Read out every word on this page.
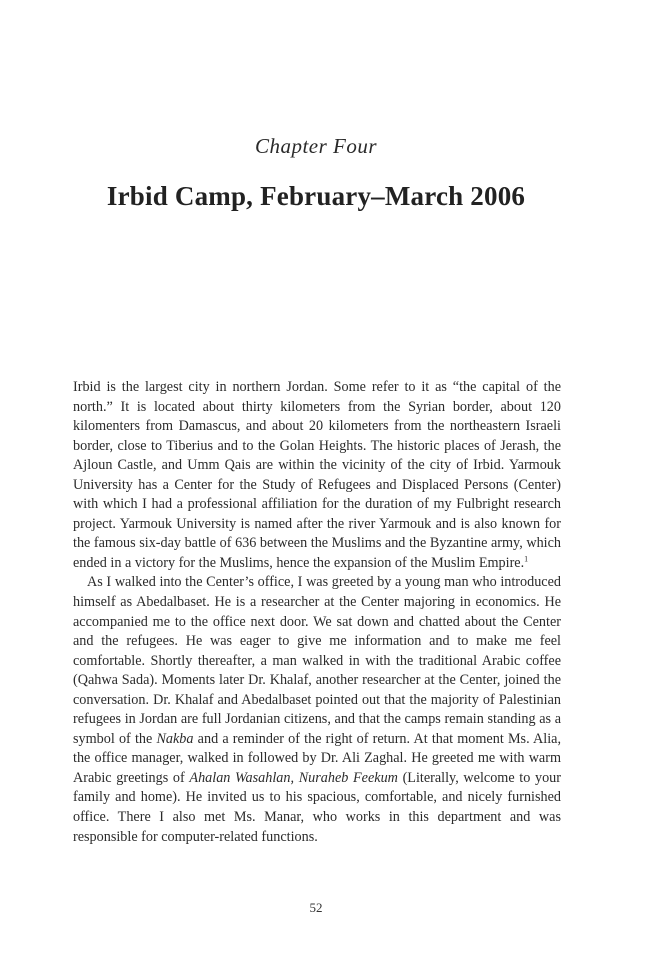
Chapter Four
Irbid Camp, February–March 2006

Irbid is the largest city in northern Jordan. Some refer to it as “the capital of the north.” It is located about thirty kilometers from the Syrian border, about 120 kilomenters from Damascus, and about 20 kilometers from the northeastern Israeli border, close to Tiberius and to the Golan Heights. The historic places of Jerash, the Ajloun Castle, and Umm Qais are within the vicinity of the city of Irbid. Yarmouk University has a Center for the Study of Refugees and Displaced Persons (Center) with which I had a professional affiliation for the duration of my Fulbright research project. Yarmouk University is named after the river Yarmouk and is also known for the famous six-day battle of 636 between the Muslims and the Byzantine army, which ended in a victory for the Muslims, hence the expansion of the Muslim Empire.$^1$

As I walked into the Center’s office, I was greeted by a young man who introduced himself as Abedalbaset. He is a researcher at the Center majoring in economics. He accompanied me to the office next door. We sat down and chatted about the Center and the refugees. He was eager to give me information and to make me feel comfortable. Shortly thereafter, a man walked in with the traditional Arabic coffee (Qahwa Sada). Moments later Dr. Khalaf, another researcher at the Center, joined the conversation. Dr. Khalaf and Abedalbaset pointed out that the majority of Palestinian refugees in Jordan are full Jordanian citizens, and that the camps remain standing as a symbol of the Nakba and a reminder of the right of return. At that moment Ms. Alia, the office manager, walked in followed by Dr. Ali Zaghal. He greeted me with warm Arabic greetings of Ahalan Wasahlan, Nuraheb Feekum (Literally, welcome to your family and home). He invited us to his spacious, comfortable, and nicely furnished office. There I also met Ms. Manar, who works in this department and was responsible for computer-related functions.

52
